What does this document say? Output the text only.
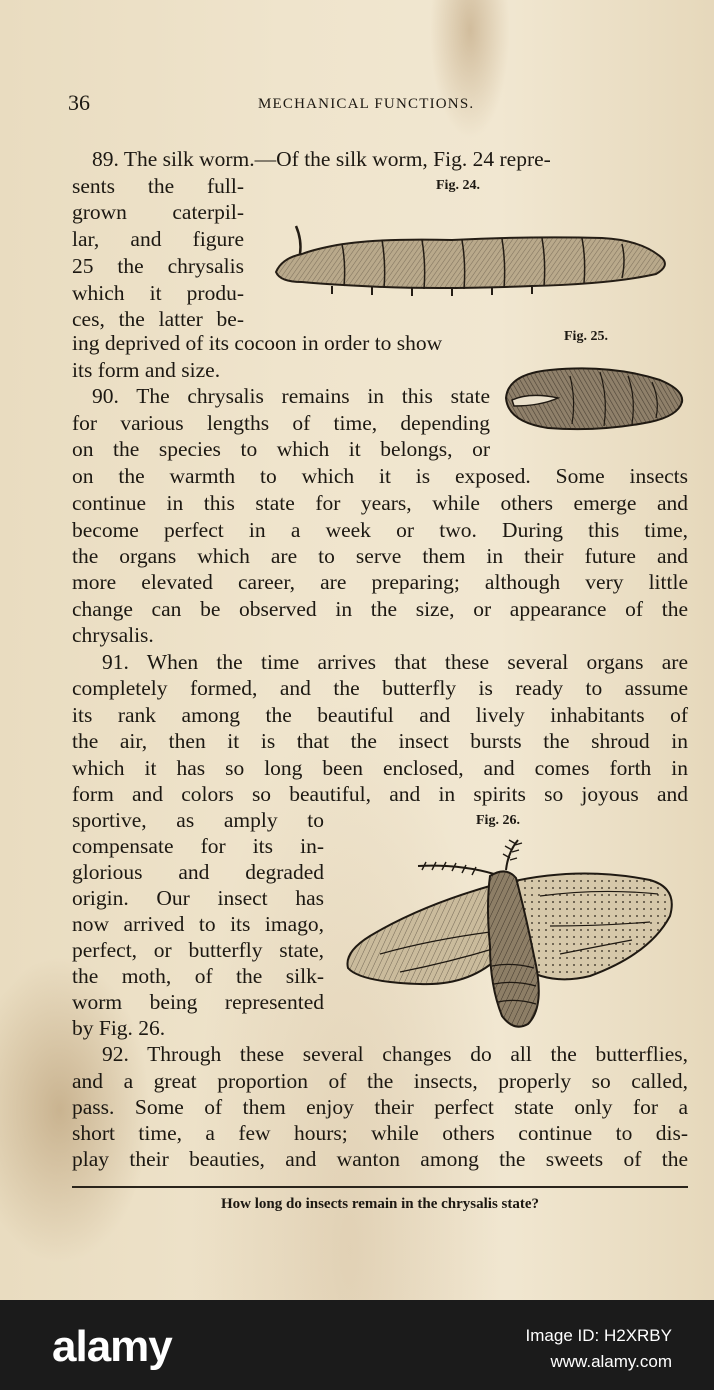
36	MECHANICAL FUNCTIONS.
89. The silk worm.—Of the silk worm, Fig. 24 repre-
sents the full-
grown caterpil-
lar, and figure
25 the chrysalis
which it produ-
ces, the latter be-
ing deprived of its cocoon in order to show
its form and size.
90. The chrysalis remains in this state
for various lengths of time, depending
on the species to which it belongs, or
on the warmth to which it is exposed. Some insects
continue in this state for years, while others emerge and
become perfect in a week or two. During this time,
the organs which are to serve them in their future and
more elevated career, are preparing; although very little
change can be observed in the size, or appearance of the
chrysalis.
91. When the time arrives that these several organs are
completely formed, and the butterfly is ready to assume
its rank among the beautiful and lively inhabitants of
the air, then it is that the insect bursts the shroud in
which it has so long been enclosed, and comes forth in
form and colors so beautiful, and in spirits so joyous and
sportive, as amply to
compensate for its in-
glorious and degraded
origin. Our insect has
now arrived to its imago,
perfect, or butterfly state,
the moth, of the silk-
worm being represented
by Fig. 26.
92. Through these several changes do all the butterflies,
and a great proportion of the insects, properly so called,
pass. Some of them enjoy their perfect state only for a
short time, a few hours; while others continue to dis-
play their beauties, and wanton among the sweets of the
Fig. 24.
Fig. 25.
Fig. 26.
How long do insects remain in the chrysalis state?
alamy	Image ID: H2XRBY
www.alamy.com
